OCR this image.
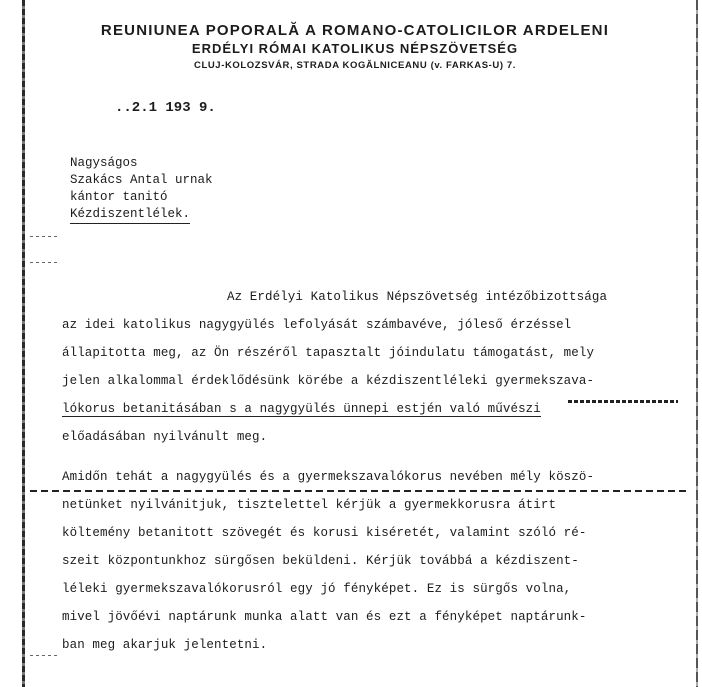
REUNIUNEA POPORALĂ A ROMANO-CATOLICILOR ARDELENI
ERDÉLYI RÓMAI KATOLIKUS NÉPSZÖVETSÉG
CLUJ-KOLOZSVÁR, STRADA KOGĂLNICEANU (v. FARKAS-U) 7.
..2.1 193 9.
Nagyságos
Szakács Antal urnak
kántor tanitó
Kézdiszentlélek.
Az Erdélyi Katolikus Népszövetség intézőbizottsága
az idei katolikus nagygyülés lefolyását számbavéve, jóleső érzéssel
állapitotta meg, az Ön részéről tapasztalt jóindulatu támogatást, mely
jelen alkalommal érdeklődésünk körébe a kézdiszentléleki gyermekszava-
lókorus betanitásában s a nagygyülés ünnepi estjén való művészi
előadásában nyilvánult meg.
Amidőn tehát a nagygyülés és a gyermekszavalókorus nevében mély köszö-
netünket nyilvánitjuk, tisztelettel kérjük a gyermekkorusra átirt
költemény betanitott szövegét és korusi kiséretét, valamint szóló ré-
szeit központunkhoz sürgősen beküldeni. Kérjük továbbá a kézdiszent-
léleki gyermekszavalókorusról egy jó fényképet. Ez is sürgős volna,
mivel jövőévi naptárunk munka alatt van és ezt a fényképet naptárunk-
ban meg akarjuk jelentetni.
